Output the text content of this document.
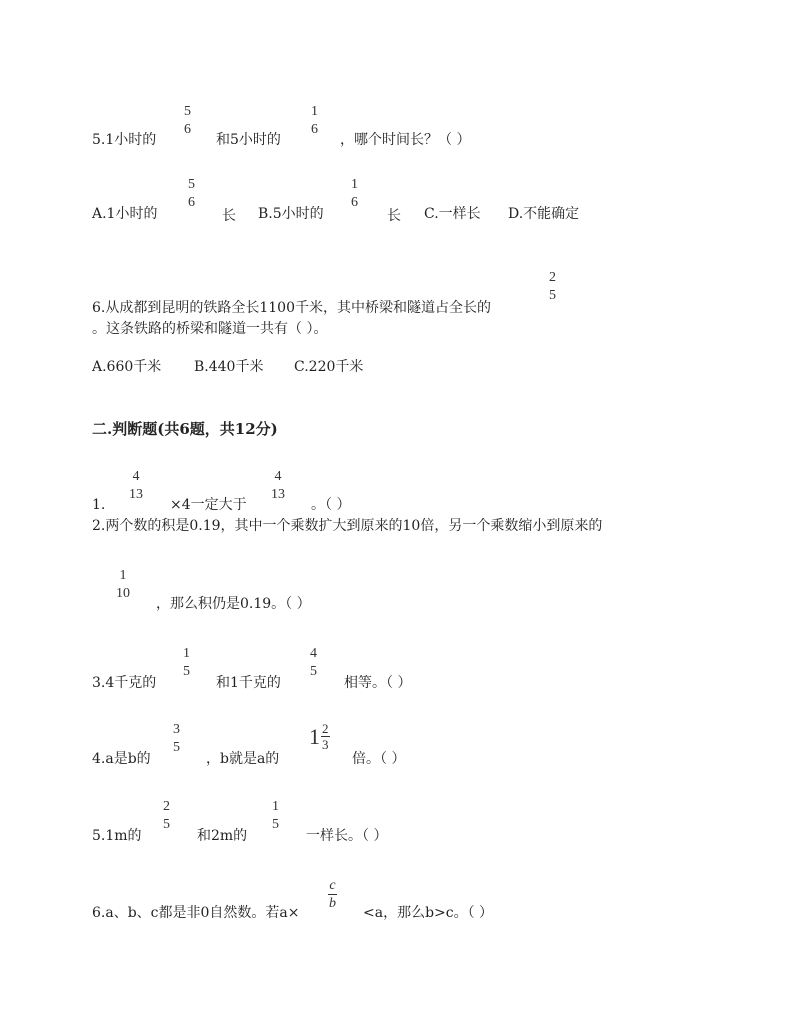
5.1小时的
5
6
和5小时的
1
6
，哪个时间长？（ ）
A.1小时的
5
6
长 B.5小时的
1
6
长 C.一样长 D.不能确定
2
5
6.从成都到昆明的铁路全长1100千米，其中桥梁和隧道占全长的
。这条铁路的桥梁和隧道一共有（ ）。
A.660千米 B.440千米 C.220千米
二.判断题(共6题，共12分)
1.
4
13
×4一定大于
4
13
。（ ）
2.两个数的积是0.19，其中一个乘数扩大到原来的10倍，另一个乘数缩小到原来的
1
10
，那么积仍是0.19。（ ）
3.4千克的
1
5
和1千克的
4
5
相等。（ ）
4.a是b的
3
5
，b就是a的
$1 \frac{2}{3}$
倍。（ ）
5.1m的
2
5
和2m的
1
5
一样长。（ ）
6.a、b、c都是非0自然数。若a×
c
b
<a，那么b>c。（ ）
